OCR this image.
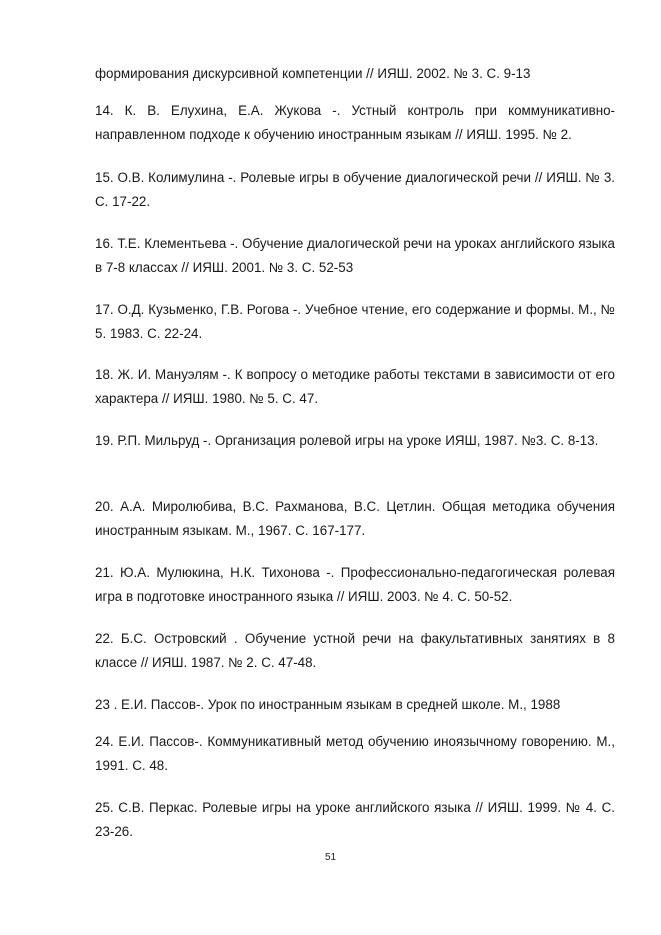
формирования дискурсивной компетенции // ИЯШ. 2002. № 3. С. 9-13

14. К. В. Елухина, Е.А. Жукова -. Устный контроль при коммуникативно-направленном подходе к обучению иностранным языкам // ИЯШ. 1995. № 2.

15. О.В. Колимулина -. Ролевые игры в обучение диалогической речи // ИЯШ. № 3. С. 17-22.

16. Т.Е. Клементьева -. Обучение диалогической речи на уроках английского языка в 7-8 классах // ИЯШ. 2001. № 3. С. 52-53

17. О.Д. Кузьменко, Г.В. Рогова -. Учебное чтение, его содержание и формы. М., № 5. 1983. С. 22-24.

18. Ж. И. Мануэлям -. К вопросу о методике работы текстами в зависимости от его характера // ИЯШ. 1980. № 5. С. 47.

19. Р.П. Мильруд -. Организация ролевой игры на уроке ИЯШ, 1987. №3. С. 8-13.

20. А.А. Миролюбива, В.С. Рахманова, В.С. Цетлин. Общая методика обучения иностранным языкам. М., 1967. С. 167-177.

21. Ю.А. Мулюкина, Н.К. Тихонова -. Профессионально-педагогическая ролевая игра в подготовке иностранного языка // ИЯШ. 2003. № 4. С. 50-52.

22. Б.С. Островский . Обучение устной речи на факультативных занятиях в 8 классе // ИЯШ. 1987. № 2. С. 47-48.

23 . Е.И. Пассов-. Урок по иностранным языкам в средней школе. М., 1988

24. Е.И. Пассов-. Коммуникативный метод обучению иноязычному говорению. М., 1991. С. 48.

25. С.В. Перкас. Ролевые игры на уроке английского языка // ИЯШ. 1999. № 4. С. 23-26.

51
